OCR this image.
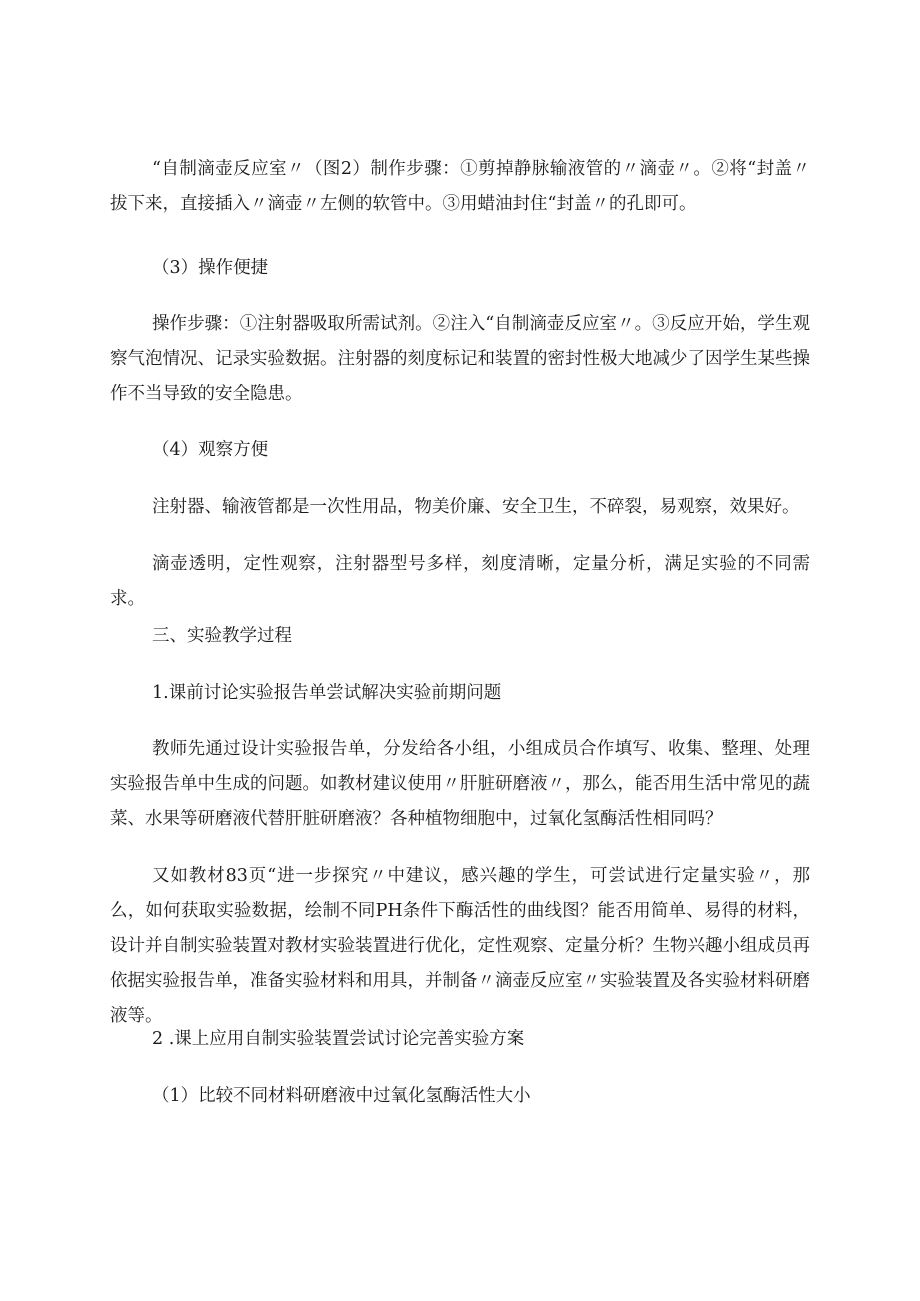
“自制滴壶反应室〃（图2）制作步骤：①剪掉静脉输液管的〃滴壶〃。②将“封盖〃拔下来，直接插入〃滴壶〃左侧的软管中。③用蜡油封住“封盖〃的孔即可。

（3）操作便捷

操作步骤：①注射器吸取所需试剂。②注入“自制滴壶反应室〃。③反应开始，学生观察气泡情况、记录实验数据。注射器的刻度标记和装置的密封性极大地减少了因学生某些操作不当导致的安全隐患。

（4）观察方便

注射器、输液管都是一次性用品，物美价廉、安全卫生，不碎裂，易观察，效果好。

滴壶透明，定性观察，注射器型号多样，刻度清晰，定量分析，满足实验的不同需求。

三、实验教学过程

1.课前讨论实验报告单尝试解决实验前期问题

教师先通过设计实验报告单，分发给各小组，小组成员合作填写、收集、整理、处理实验报告单中生成的问题。如教材建议使用〃肝脏研磨液〃，那么，能否用生活中常见的蔬菜、水果等研磨液代替肝脏研磨液？各种植物细胞中，过氧化氢酶活性相同吗？

又如教材83页“进一步探究〃中建议，感兴趣的学生，可尝试进行定量实验〃，那么，如何获取实验数据，绘制不同PH条件下酶活性的曲线图？能否用简单、易得的材料，设计并自制实验装置对教材实验装置进行优化，定性观察、定量分析？生物兴趣小组成员再依据实验报告单，准备实验材料和用具，并制备〃滴壶反应室〃实验装置及各实验材料研磨液等。

2 .课上应用自制实验装置尝试讨论完善实验方案

（1）比较不同材料研磨液中过氧化氢酶活性大小
